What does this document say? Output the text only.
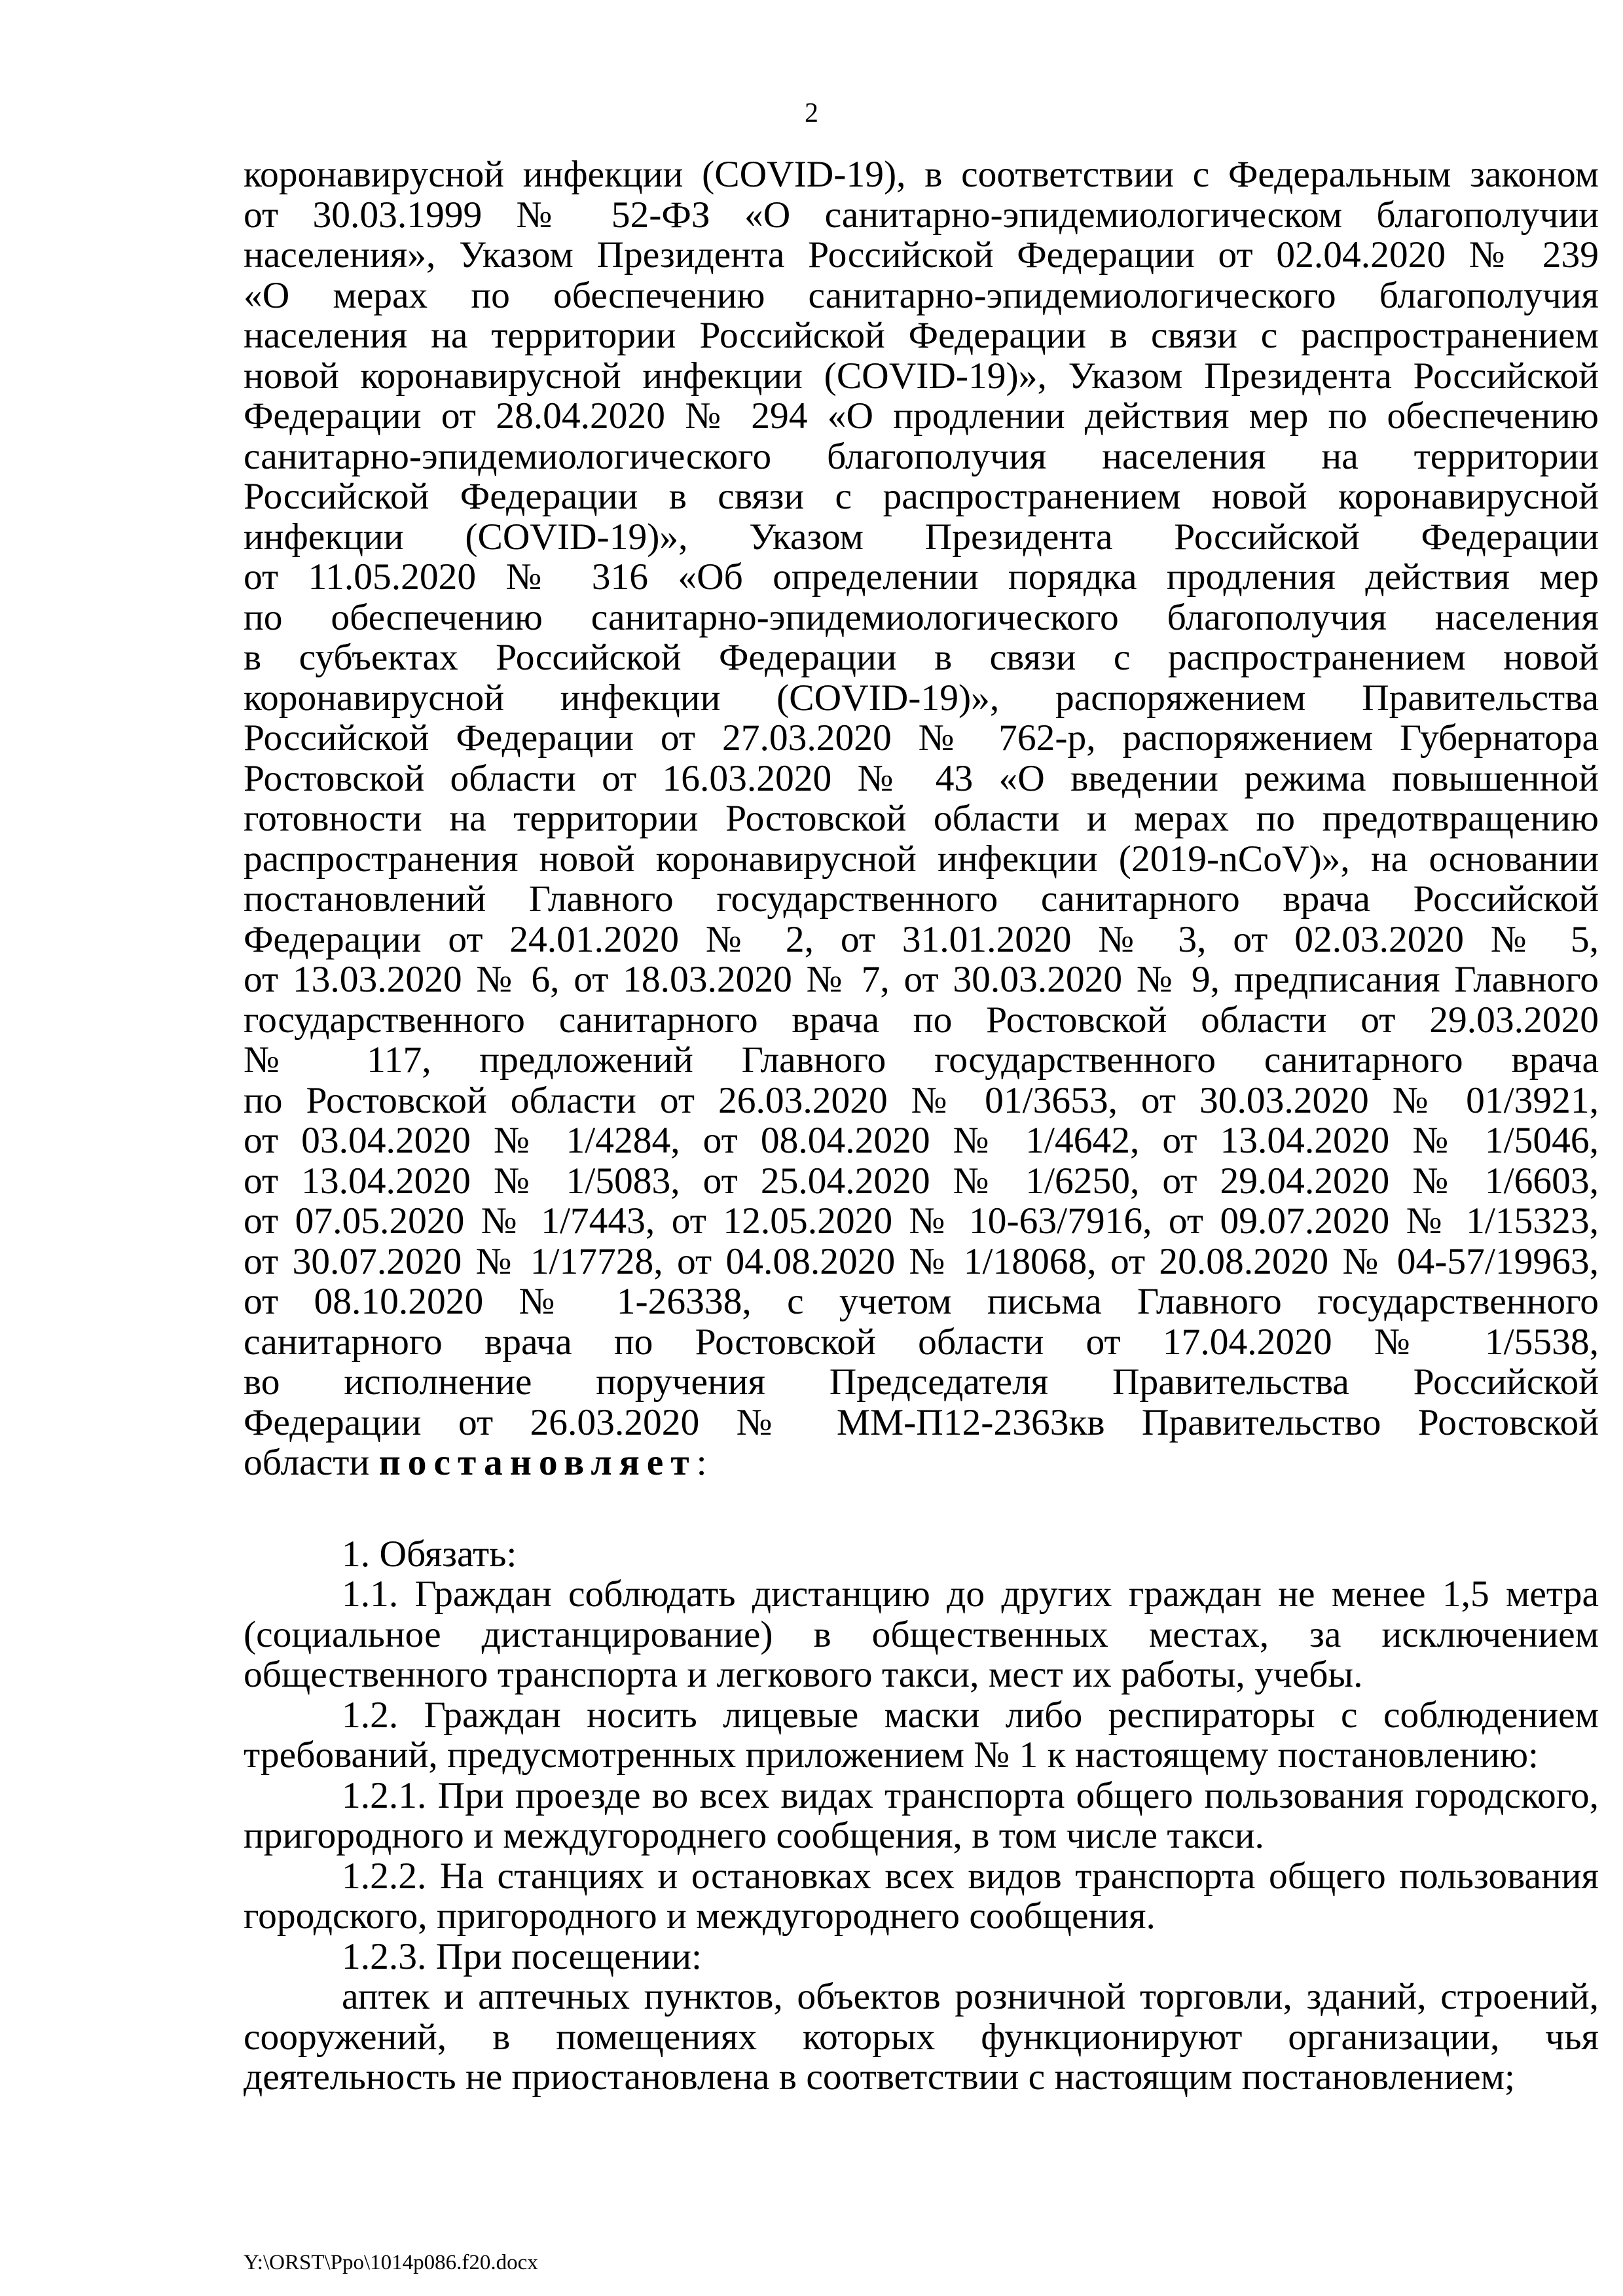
2

коронавирусной инфекции (COVID-19), в соответствии с Федеральным законом

от 30.03.1999 № 52-ФЗ «О санитарно-эпидемиологическом благополучии

населения», Указом Президента Российской Федерации от 02.04.2020 № 239

«О мерах по обеспечению санитарно-эпидемиологического благополучия

населения на территории Российской Федерации в связи с распространением

новой коронавирусной инфекции (COVID-19)», Указом Президента Российской

Федерации от 28.04.2020 № 294 «О продлении действия мер по обеспечению

санитарно-эпидемиологического благополучия населения на территории

Российской Федерации в связи с распространением новой коронавирусной

инфекции (COVID-19)», Указом Президента Российской Федерации

от 11.05.2020 № 316 «Об определении порядка продления действия мер

по обеспечению санитарно-эпидемиологического благополучия населения

в субъектах Российской Федерации в связи с распространением новой

коронавирусной инфекции (COVID-19)», распоряжением Правительства

Российской Федерации от 27.03.2020 № 762-р, распоряжением Губернатора

Ростовской области от 16.03.2020 № 43 «О введении режима повышенной

готовности на территории Ростовской области и мерах по предотвращению

распространения новой коронавирусной инфекции (2019-nCoV)», на основании

постановлений Главного государственного санитарного врача Российской

Федерации от 24.01.2020 № 2, от 31.01.2020 № 3, от 02.03.2020 № 5,

от 13.03.2020 № 6, от 18.03.2020 № 7, от 30.03.2020 № 9, предписания Главного

государственного санитарного врача по Ростовской области от 29.03.2020

№ 117, предложений Главного государственного санитарного врача

по Ростовской области от 26.03.2020 № 01/3653, от 30.03.2020 № 01/3921,

от 03.04.2020 № 1/4284, от 08.04.2020 № 1/4642, от 13.04.2020 № 1/5046,

от 13.04.2020 № 1/5083, от 25.04.2020 № 1/6250, от 29.04.2020 № 1/6603,

от 07.05.2020 № 1/7443, от 12.05.2020 № 10-63/7916, от 09.07.2020 № 1/15323,

от 30.07.2020 № 1/17728, от 04.08.2020 № 1/18068, от 20.08.2020 № 04-57/19963,

от 08.10.2020 № 1-26338, с учетом письма Главного государственного

санитарного врача по Ростовской области от 17.04.2020 № 1/5538,

во исполнение поручения Председателя Правительства Российской

Федерации от 26.03.2020 № ММ-П12-2363кв Правительство Ростовской

области постановляет:

1. Обязать:

1.1. Граждан соблюдать дистанцию до других граждан не менее 1,5 метра (социальное дистанцирование) в общественных местах, за исключением общественного транспорта и легкового такси, мест их работы, учебы.

1.2. Граждан носить лицевые маски либо респираторы с соблюдением требований, предусмотренных приложением № 1 к настоящему постановлению:

1.2.1. При проезде во всех видах транспорта общего пользования городского, пригородного и междугороднего сообщения, в том числе такси.

1.2.2. На станциях и остановках всех видов транспорта общего пользования городского, пригородного и междугороднего сообщения.

1.2.3. При посещении:

аптек и аптечных пунктов, объектов розничной торговли, зданий, строений, сооружений, в помещениях которых функционируют организации, чья деятельность не приостановлена в соответствии с настоящим постановлением;

Y:\ORST\Ppo\1014p086.f20.docx
